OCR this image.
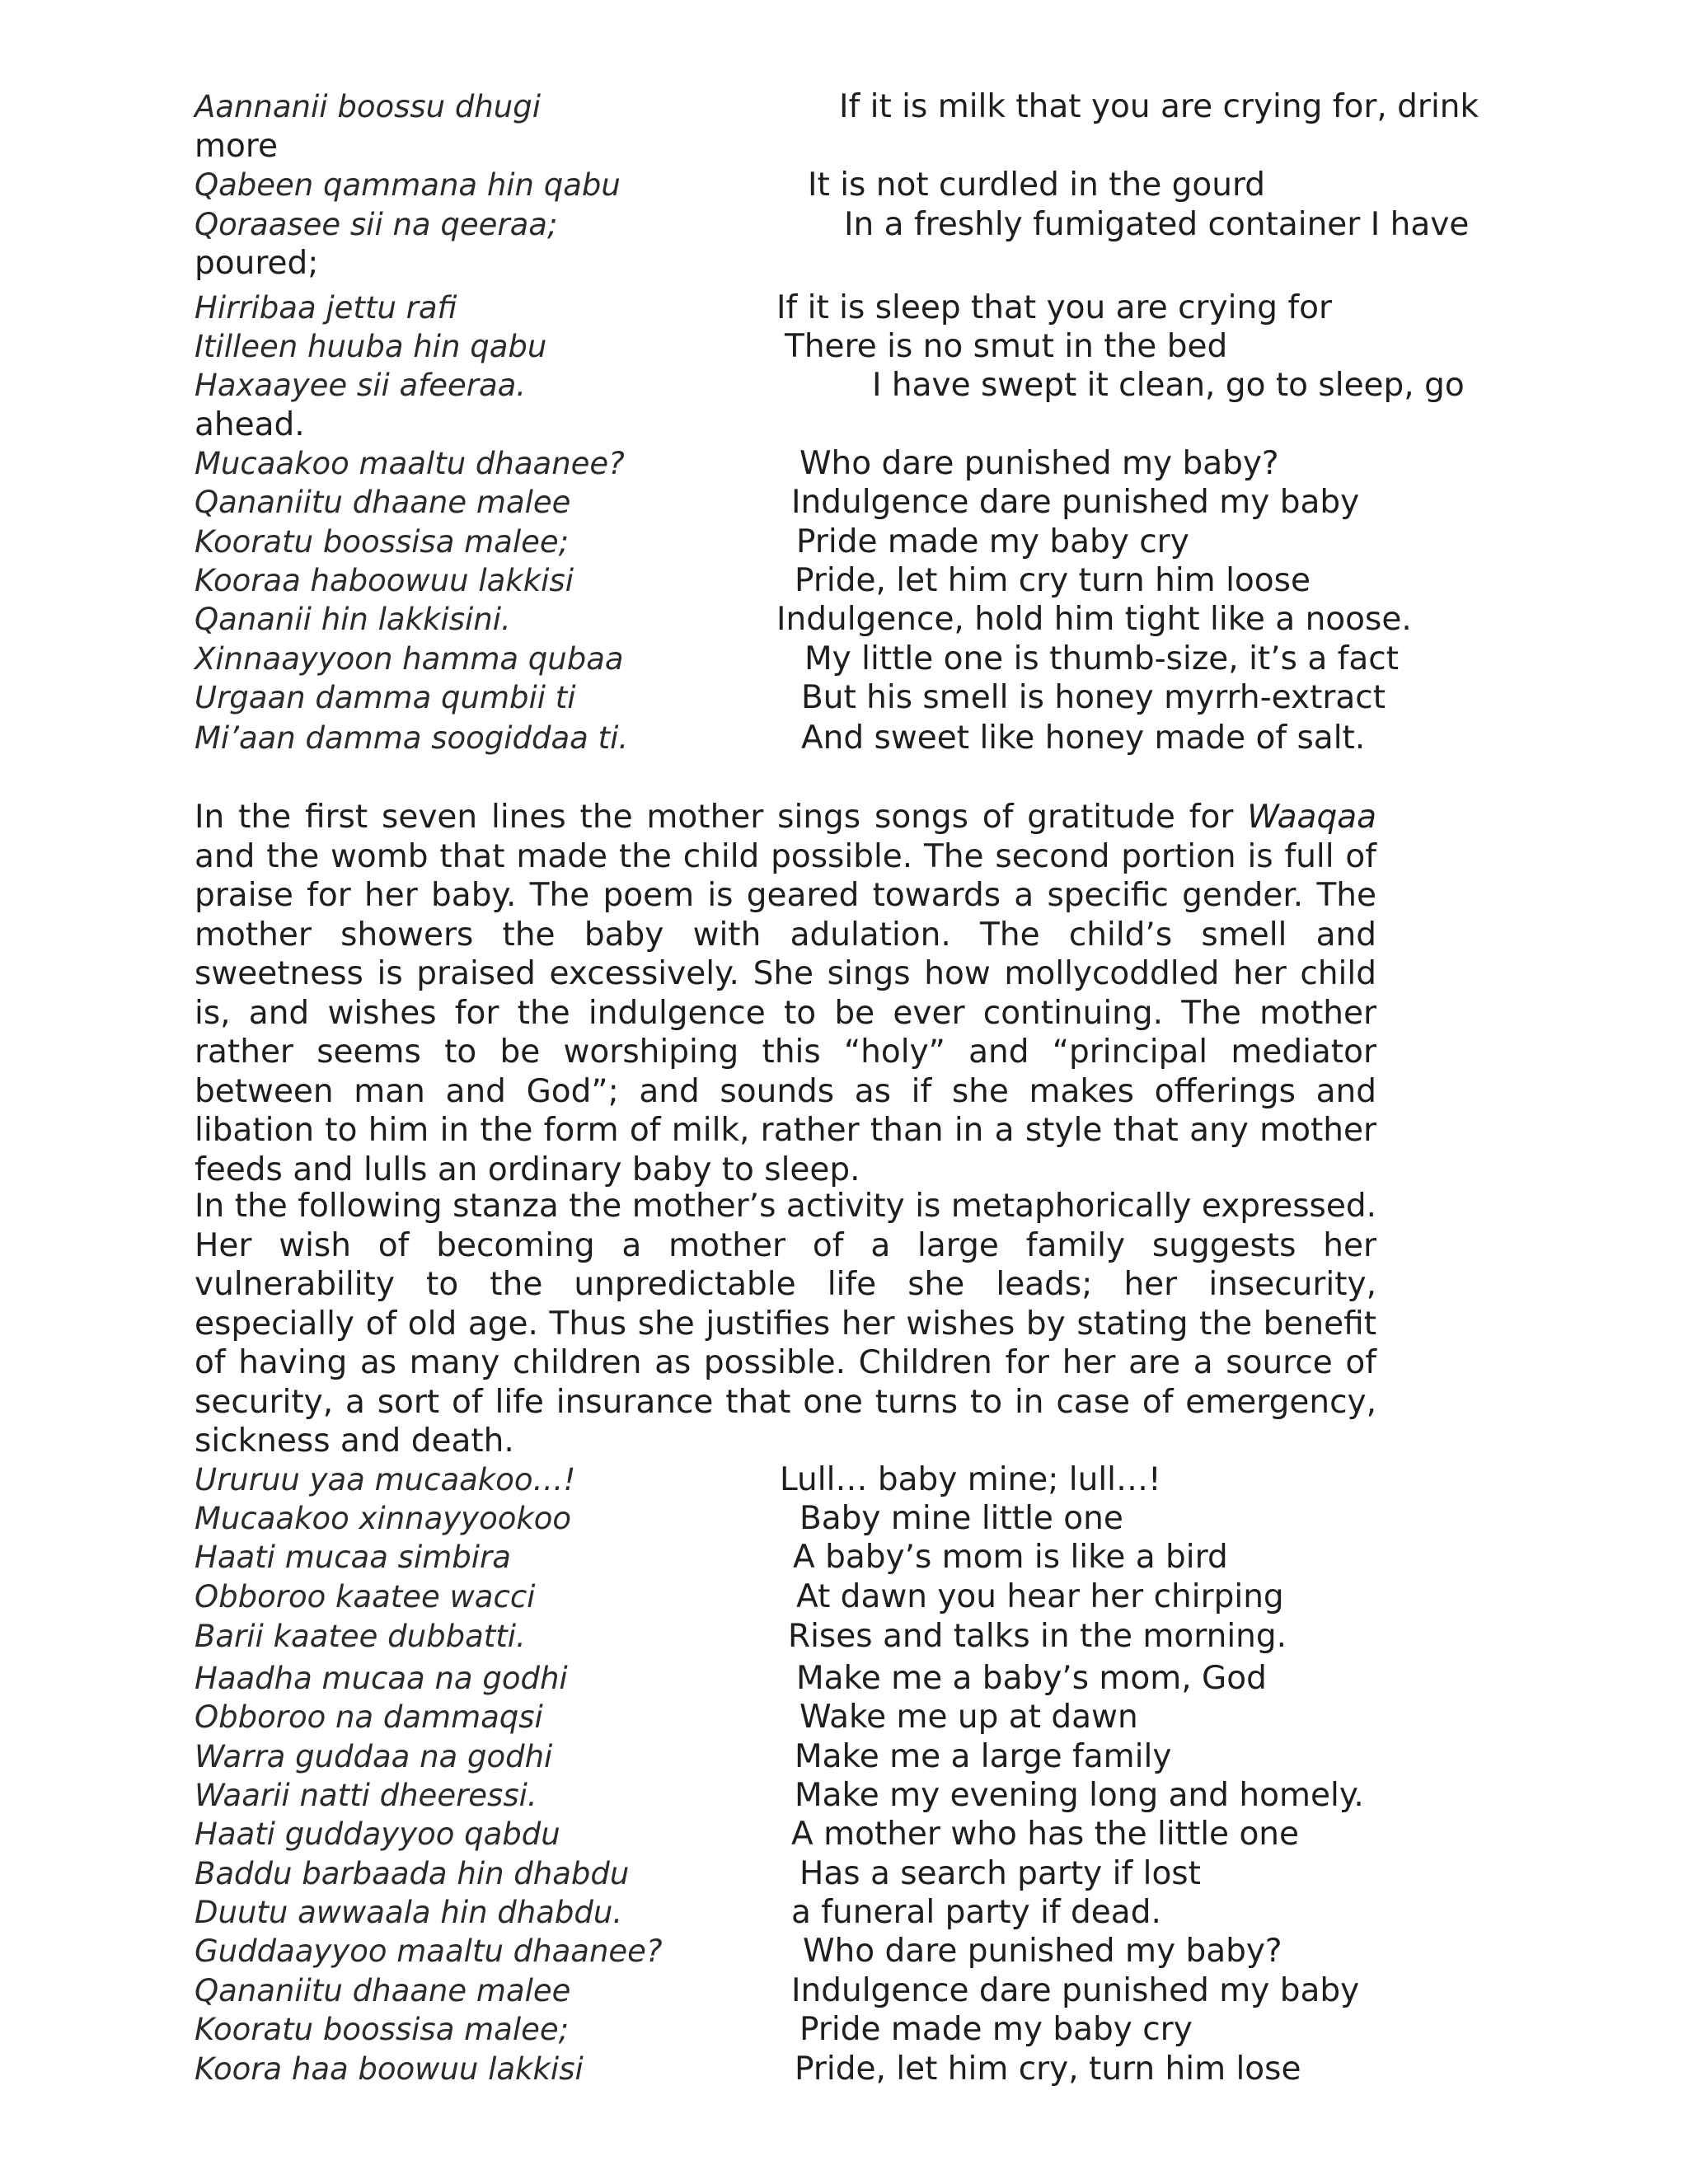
Aannanii boossu dhugi	If it is milk that you are crying for, drink
more
Qabeen qammana hin qabu	It is not curdled in the gourd
Qoraasee sii na qeeraa;	In a freshly fumigated container I have
poured;
Hirribaa jettu rafi	If it is sleep that you are crying for
Itilleen huuba hin qabu	There is no smut in the bed
Haxaayee sii afeeraa.	I have swept it clean, go to sleep, go
ahead.
Mucaakoo maaltu dhaanee?	Who dare punished my baby?
Qananiitu dhaane malee	Indulgence dare punished my baby
Kooratu boossisa malee;	Pride made my baby cry
Kooraa haboowuu lakkisi	Pride, let him cry turn him loose
Qananii hin lakkisini.	Indulgence, hold him tight like a noose.
Xinnaayyoon hamma qubaa	My little one is thumb-size, it’s a fact
Urgaan damma qumbii ti	But his smell is honey myrrh-extract
Mi’aan damma soogiddaa ti.	And sweet like honey made of salt.

In the first seven lines the mother sings songs of gratitude for Waaqaa and the womb that made the child possible. The second portion is full of praise for her baby. The poem is geared towards a specific gender. The mother showers the baby with adulation. The child’s smell and sweetness is praised excessively. She sings how mollycoddled her child is, and wishes for the indulgence to be ever continuing. The mother rather seems to be worshiping this “holy” and “principal mediator between man and God”; and sounds as if she makes offerings and libation to him in the form of milk, rather than in a style that any mother feeds and lulls an ordinary baby to sleep.

In the following stanza the mother’s activity is metaphorically expressed. Her wish of becoming a mother of a large family suggests her vulnerability to the unpredictable life she leads; her insecurity, especially of old age. Thus she justifies her wishes by stating the benefit of having as many children as possible. Children for her are a source of security, a sort of life insurance that one turns to in case of emergency, sickness and death.

Ururuu yaa mucaakoo…!	Lull… baby mine; lull…!
Mucaakoo xinnayyookoo	Baby mine little one
Haati mucaa simbira	A baby’s mom is like a bird
Obboroo kaatee wacci	At dawn you hear her chirping
Barii kaatee dubbatti.	Rises and talks in the morning.
Haadha mucaa na godhi	Make me a baby’s mom, God
Obboroo na dammaqsi	Wake me up at dawn
Warra guddaa na godhi	Make me a large family
Waarii natti dheeressi.	Make my evening long and homely.
Haati guddayyoo qabdu	A mother who has the little one
Baddu barbaada hin dhabdu	Has a search party if lost
Duutu awwaala hin dhabdu.	a funeral party if dead.
Guddaayyoo maaltu dhaanee?	Who dare punished my baby?
Qananiitu dhaane malee	Indulgence dare punished my baby
Kooratu boossisa malee;	Pride made my baby cry
Koora haa boowuu lakkisi	Pride, let him cry, turn him lose
